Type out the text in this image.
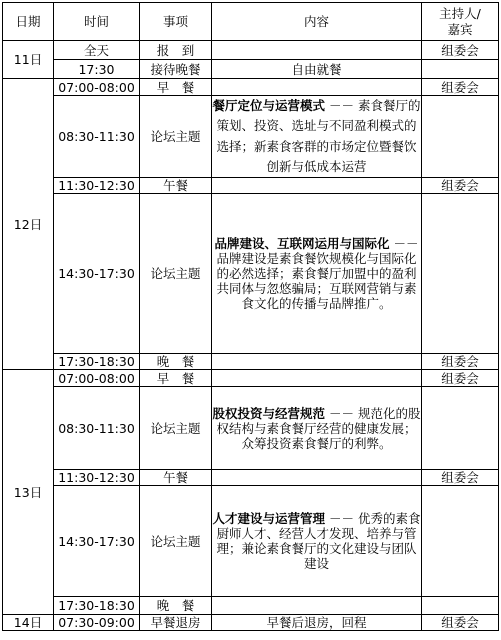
日期	时间	事项	内容	主持人/
嘉宾
11日	全天	报　到		组委会
	17:30	接待晚餐	自由就餐	
12日	07:00-08:00	早　餐		组委会
	08:30-11:30	论坛主题	餐厅定位与运营模式 －－ 素食餐厅的策划、投资、选址与不同盈利模式的选择；新素食客群的市场定位暨餐饮创新与低成本运营	
	11:30-12:30	午餐		组委会
	14:30-17:30	论坛主题	品牌建设、互联网运用与国际化 －－ 品牌建设是素食餐饮规模化与国际化的必然选择；素食餐厅加盟中的盈利共同体与忽悠骗局；互联网营销与素食文化的传播与品牌推广。	
	17:30-18:30	晚　餐		组委会
13日	07:00-08:00	早　餐		组委会
	08:30-11:30	论坛主题	股权投资与经营规范 －－ 规范化的股权结构与素食餐厅经营的健康发展；众筹投资素食餐厅的利弊。	
	11:30-12:30	午餐		组委会
	14:30-17:30	论坛主题	人才建设与运营管理 －－ 优秀的素食厨师人才、经营人才发现、培养与管理；兼论素食餐厅的文化建设与团队建设	
	17:30-18:30	晚　餐		
14日	07:30-09:00	早餐退房	早餐后退房，回程	组委会
